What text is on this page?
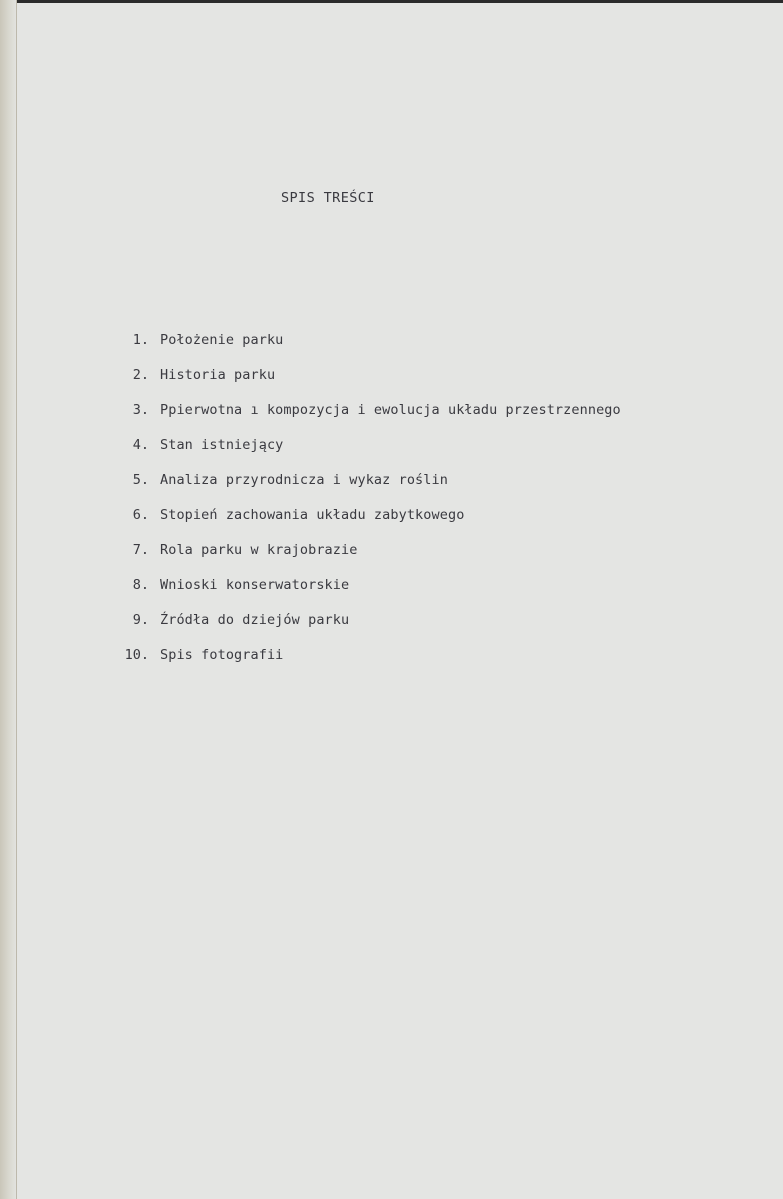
SPIS TREŚCI
1. Położenie parku
2. Historia parku
3. Ppierwotna ı kompozycja i ewolucja układu przestrzennego
4. Stan istniejący
5. Analiza przyrodnicza i wykaz roślin
6. Stopień zachowania układu zabytkowego
7. Rola parku w krajobrazie
8. Wnioski konserwatorskie
9. Źródła do dziejów parku
10. Spis fotografii
